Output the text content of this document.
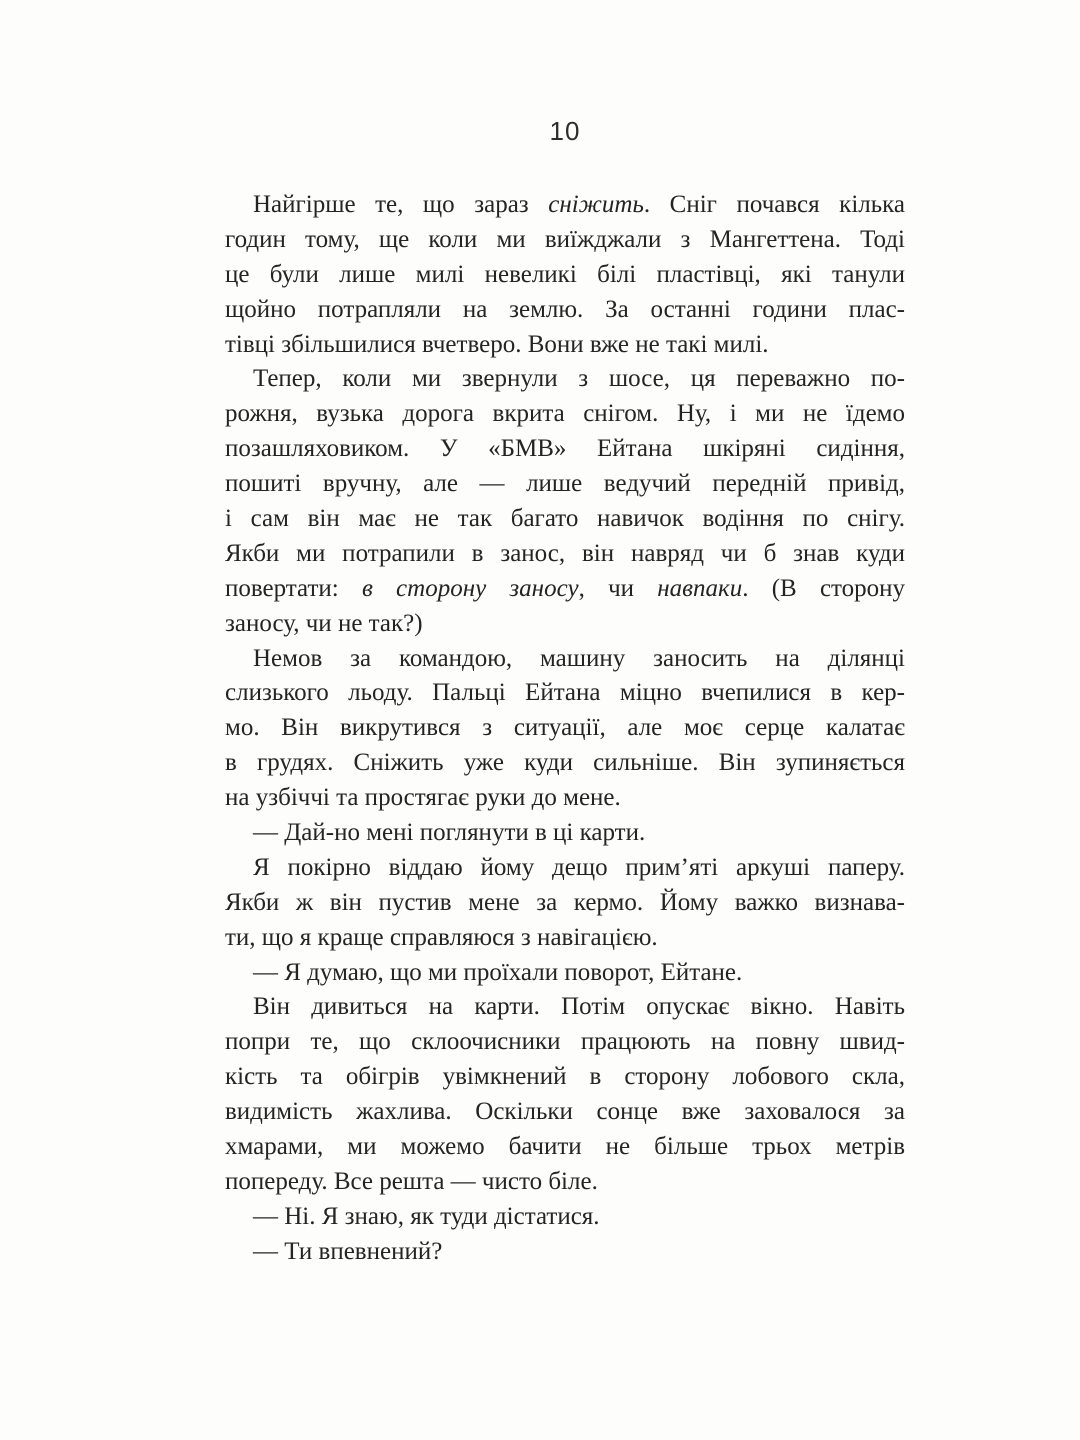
10
Найгірше те, що зараз сніжить. Сніг почався кілька
годин тому, ще коли ми виїжджали з Мангеттена. Тоді
це були лише милі невеликі білі пластівці, які танули
щойно потрапляли на землю. За останні години плас-
тівці збільшилися вчетверо. Вони вже не такі милі.
Тепер, коли ми звернули з шосе, ця переважно по-
рожня, вузька дорога вкрита снігом. Ну, і ми не їдемо
позашляховиком. У «БМВ» Ейтана шкіряні сидіння,
пошиті вручну, але — лише ведучий передній привід,
і сам він має не так багато навичок водіння по снігу.
Якби ми потрапили в занос, він навряд чи б знав куди
повертати: в сторону заносу, чи навпаки. (В сторону
заносу, чи не так?)
Немов за командою, машину заносить на ділянці
слизького льоду. Пальці Ейтана міцно вчепилися в кер-
мо. Він викрутився з ситуації, але моє серце калатає
в грудях. Сніжить уже куди сильніше. Він зупиняється
на узбіччі та простягає руки до мене.
— Дай-но мені поглянути в ці карти.
Я покірно віддаю йому дещо прим’яті аркуші паперу.
Якби ж він пустив мене за кермо. Йому важко визнава-
ти, що я краще справляюся з навігацією.
— Я думаю, що ми проїхали поворот, Ейтане.
Він дивиться на карти. Потім опускає вікно. Навіть
попри те, що склоочисники працюють на повну швид-
кість та обігрів увімкнений в сторону лобового скла,
видимість жахлива. Оскільки сонце вже заховалося за
хмарами, ми можемо бачити не більше трьох метрів
попереду. Все решта — чисто біле.
— Ні. Я знаю, як туди дістатися.
— Ти впевнений?
